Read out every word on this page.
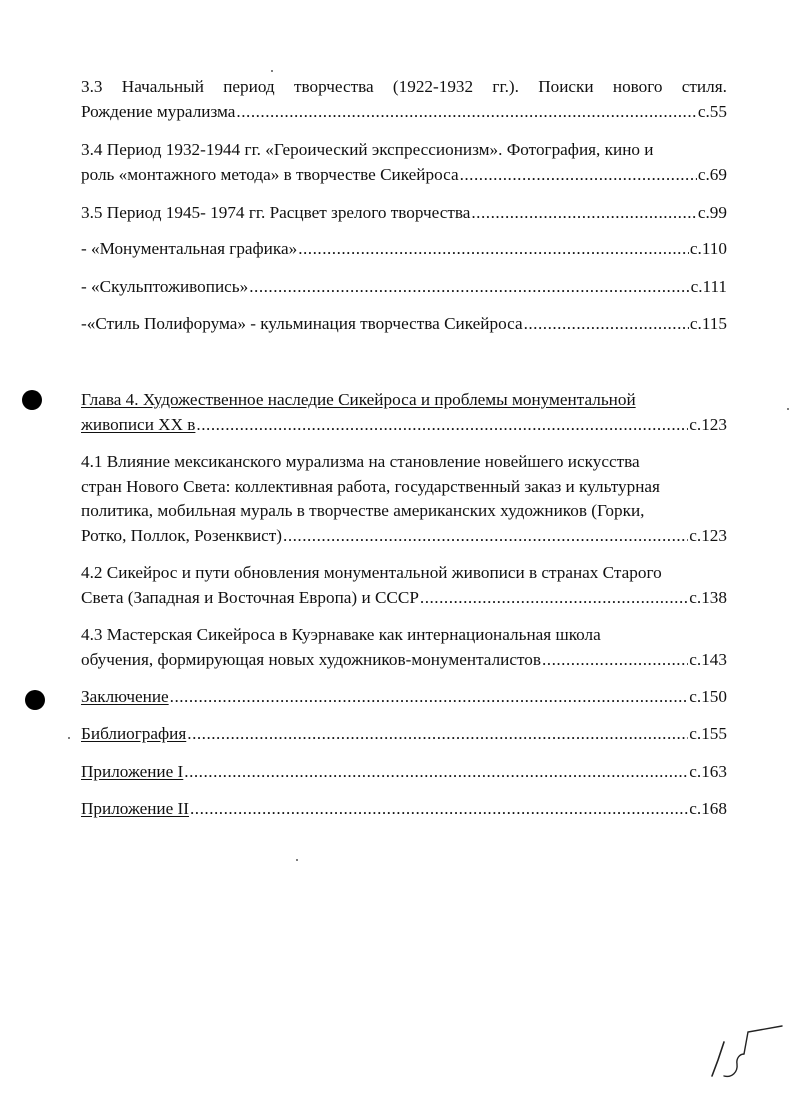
3.3 Начальный период творчества (1922-1932 гг.). Поиски нового стиля.
Рождение мурализма .....	с.55
3.4 Период 1932-1944 гг. «Героический экспрессионизм». Фотография, кино и
роль «монтажного метода» в творчестве Сикейроса .....	с.69
3.5 Период 1945- 1974 гг. Расцвет зрелого творчества .....	с.99
- «Монументальная графика» .....	с.110
- «Скульптоживопись» .....	с.111
-«Стиль Полифорума» - кульминация творчества Сикейроса .....	с.115
Глава 4. Художественное наследие Сикейроса и проблемы монументальной
живописи XX в .....	с.123
4.1 Влияние мексиканского мурализма на становление новейшего искусства
стран Нового Света: коллективная работа, государственный заказ и культурная
политика, мобильная мураль в творчестве американских художников (Горки,
Ротко, Поллок, Розенквист) .....	с.123
4.2 Сикейрос и пути обновления монументальной живописи в странах Старого
Света (Западная и Восточная Европа) и СССР .....	с.138
4.3 Мастерская Сикейроса в Куэрнаваке как интернациональная школа
обучения, формирующая новых художников-монументалистов .....	с.143
Заключение .....	с.150
Библиография .....	с.155
Приложение I .....	с.163
Приложение II .....	с.168
